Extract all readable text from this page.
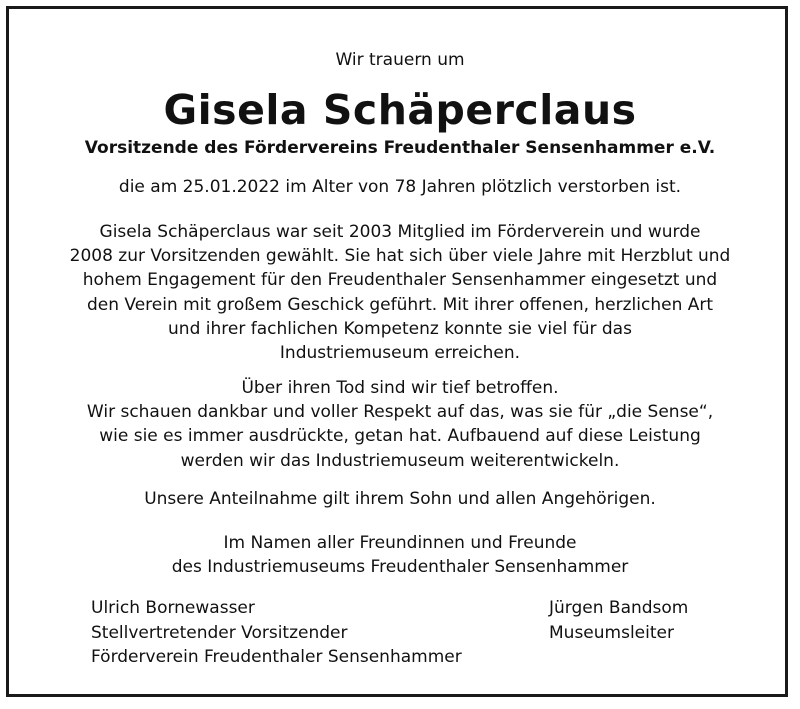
Wir trauern um
Gisela Schäperclaus
Vorsitzende des Fördervereins Freudenthaler Sensenhammer e.V.
die am 25.01.2022 im Alter von 78 Jahren plötzlich verstorben ist.
Gisela Schäperclaus war seit 2003 Mitglied im Förderverein und wurde
2008 zur Vorsitzenden gewählt. Sie hat sich über viele Jahre mit Herzblut und
hohem Engagement für den Freudenthaler Sensenhammer eingesetzt und
den Verein mit großem Geschick geführt. Mit ihrer offenen, herzlichen Art
und ihrer fachlichen Kompetenz konnte sie viel für das
Industriemuseum erreichen.
Über ihren Tod sind wir tief betroffen.
Wir schauen dankbar und voller Respekt auf das, was sie für „die Sense“,
wie sie es immer ausdrückte, getan hat. Aufbauend auf diese Leistung
werden wir das Industriemuseum weiterentwickeln.
Unsere Anteilnahme gilt ihrem Sohn und allen Angehörigen.
Im Namen aller Freundinnen und Freunde
des Industriemuseums Freudenthaler Sensenhammer
Ulrich Bornewasser
Stellvertretender Vorsitzender
Förderverein Freudenthaler Sensenhammer
Jürgen Bandsom
Museumsleiter
